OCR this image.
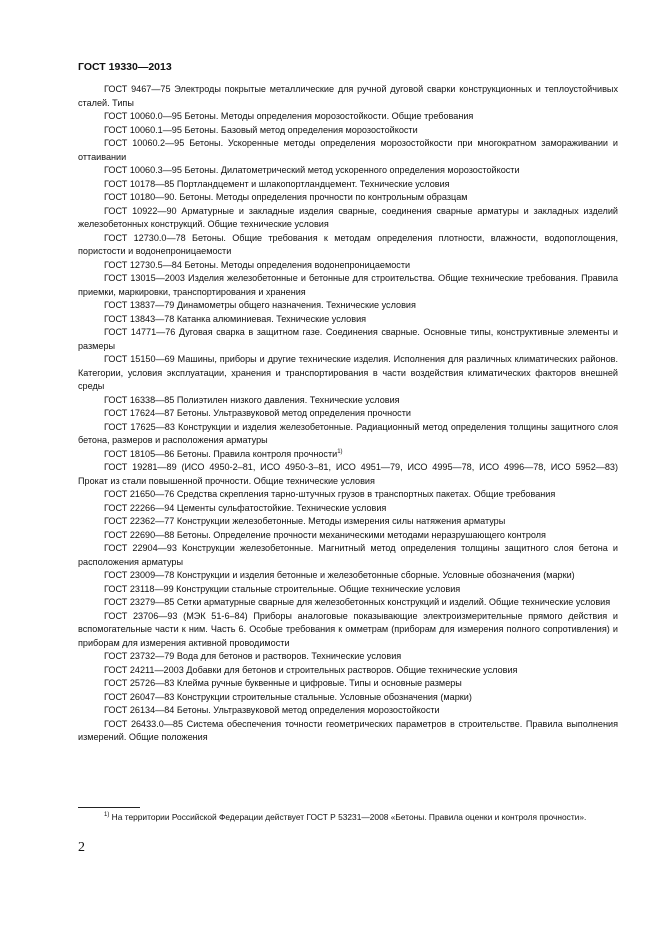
ГОСТ 19330—2013

ГОСТ 9467—75 Электроды покрытые металлические для ручной дуговой сварки конструкционных и теплоустойчивых сталей. Типы

ГОСТ 10060.0—95 Бетоны. Методы определения морозостойкости. Общие требования

ГОСТ 10060.1—95 Бетоны. Базовый метод определения морозостойкости

ГОСТ 10060.2—95 Бетоны. Ускоренные методы определения морозостойкости при многократном замораживании и оттаивании

ГОСТ 10060.3—95 Бетоны. Дилатометрический метод ускоренного определения морозостойкости

ГОСТ 10178—85 Портландцемент и шлакопортландцемент. Технические условия

ГОСТ 10180—90. Бетоны. Методы определения прочности по контрольным образцам

ГОСТ 10922—90 Арматурные и закладные изделия сварные, соединения сварные арматуры и закладных изделий железобетонных конструкций. Общие технические условия

ГОСТ 12730.0—78 Бетоны. Общие требования к методам определения плотности, влажности, водопоглощения, пористости и водонепроницаемости

ГОСТ 12730.5—84 Бетоны. Методы определения водонепроницаемости

ГОСТ 13015—2003 Изделия железобетонные и бетонные для строительства. Общие технические требования. Правила приемки, маркировки, транспортирования и хранения

ГОСТ 13837—79 Динамометры общего назначения. Технические условия

ГОСТ 13843—78 Катанка алюминиевая. Технические условия

ГОСТ 14771—76 Дуговая сварка в защитном газе. Соединения сварные. Основные типы, конструктивные элементы и размеры

ГОСТ 15150—69 Машины, приборы и другие технические изделия. Исполнения для различных климатических районов. Категории, условия эксплуатации, хранения и транспортирования в части воздействия климатических факторов внешней среды

ГОСТ 16338—85 Полиэтилен низкого давления. Технические условия

ГОСТ 17624—87 Бетоны. Ультразвуковой метод определения прочности

ГОСТ 17625—83 Конструкции и изделия железобетонные. Радиационный метод определения толщины защитного слоя бетона, размеров и расположения арматуры

ГОСТ 18105—86 Бетоны. Правила контроля прочности$^{1)}$

ГОСТ 19281—89 (ИСО 4950-2–81, ИСО 4950-3–81, ИСО 4951—79, ИСО 4995—78, ИСО 4996—78, ИСО 5952—83) Прокат из стали повышенной прочности. Общие технические условия

ГОСТ 21650—76 Средства скрепления тарно-штучных грузов в транспортных пакетах. Общие требования

ГОСТ 22266—94 Цементы сульфатостойкие. Технические условия

ГОСТ 22362—77 Конструкции железобетонные. Методы измерения силы натяжения арматуры

ГОСТ 22690—88 Бетоны. Определение прочности механическими методами неразрушающего контроля

ГОСТ 22904—93 Конструкции железобетонные. Магнитный метод определения толщины защитного слоя бетона и расположения арматуры

ГОСТ 23009—78 Конструкции и изделия бетонные и железобетонные сборные. Условные обозначения (марки)

ГОСТ 23118—99 Конструкции стальные строительные. Общие технические условия

ГОСТ 23279—85 Сетки арматурные сварные для железобетонных конструкций и изделий. Общие технические условия

ГОСТ 23706—93 (МЭК 51-6–84) Приборы аналоговые показывающие электроизмерительные прямого действия и вспомогательные части к ним. Часть 6. Особые требования к омметрам (приборам для измерения полного сопротивления) и приборам для измерения активной проводимости

ГОСТ 23732—79 Вода для бетонов и растворов. Технические условия

ГОСТ 24211—2003 Добавки для бетонов и строительных растворов. Общие технические условия

ГОСТ 25726—83 Клейма ручные буквенные и цифровые. Типы и основные размеры

ГОСТ 26047—83 Конструкции строительные стальные. Условные обозначения (марки)

ГОСТ 26134—84 Бетоны. Ультразвуковой метод определения морозостойкости

ГОСТ 26433.0—85 Система обеспечения точности геометрических параметров в строительстве. Правила выполнения измерений. Общие положения

$^{1)}$ На территории Российской Федерации действует ГОСТ Р 53231—2008 «Бетоны. Правила оценки и контроля прочности».
2
